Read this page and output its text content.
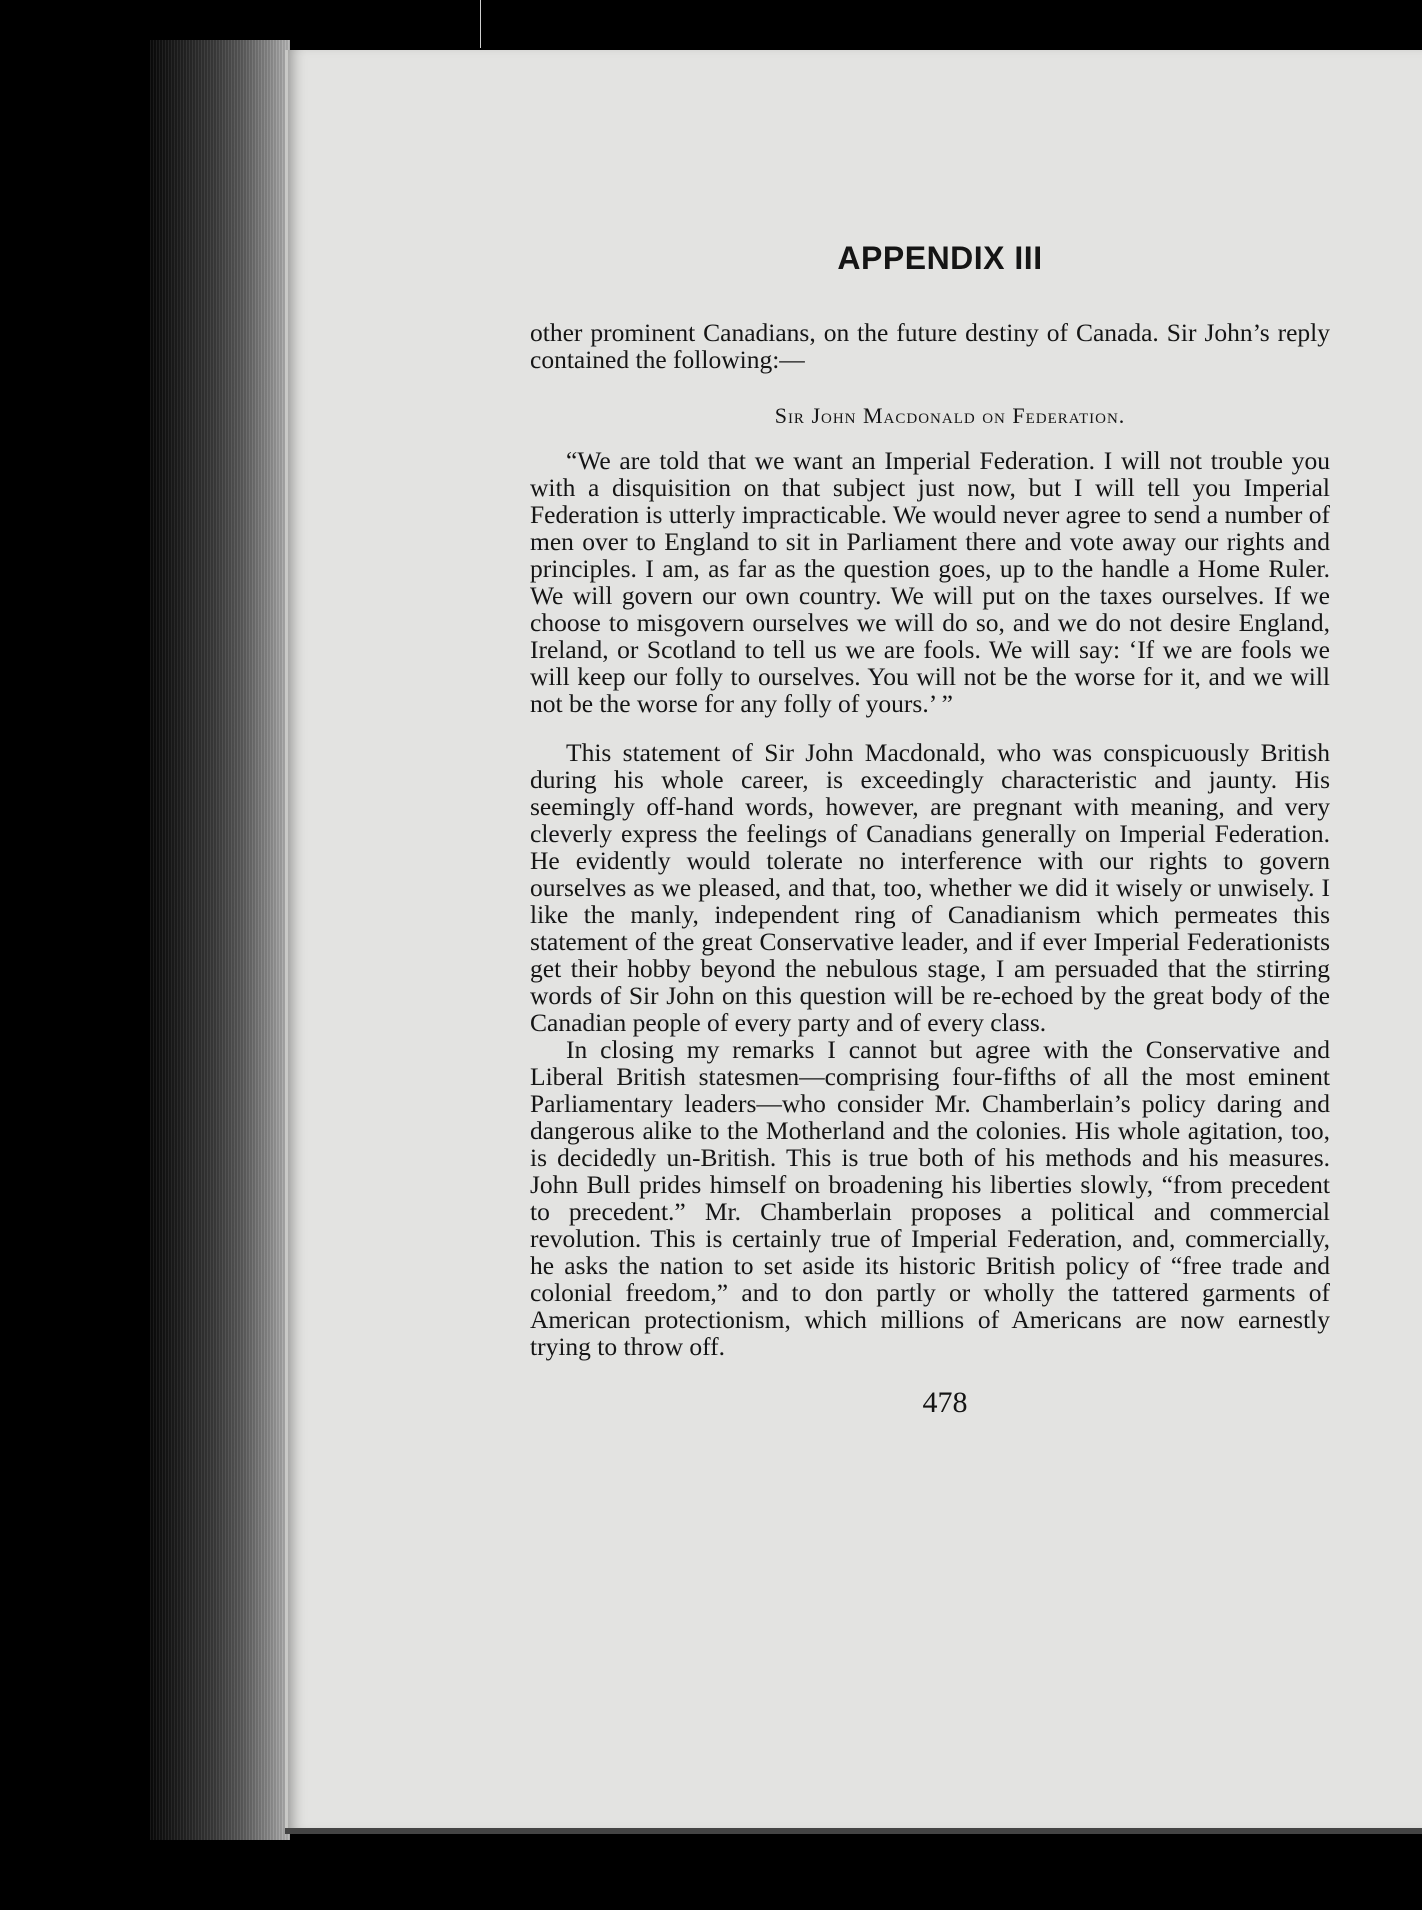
APPENDIX III

other prominent Canadians, on the future destiny of Canada. Sir John’s reply contained the following:—

Sir John Macdonald on Federation.

“We are told that we want an Imperial Federation. I will not trouble you with a disquisition on that subject just now, but I will tell you Imperial Federation is utterly impracticable. We would never agree to send a number of men over to England to sit in Parliament there and vote away our rights and principles. I am, as far as the question goes, up to the handle a Home Ruler. We will govern our own country. We will put on the taxes ourselves. If we choose to misgovern ourselves we will do so, and we do not desire England, Ireland, or Scotland to tell us we are fools. We will say: ‘If we are fools we will keep our folly to ourselves. You will not be the worse for it, and we will not be the worse for any folly of yours.’ ”

This statement of Sir John Macdonald, who was conspicuously British during his whole career, is exceedingly characteristic and jaunty. His seemingly off-hand words, however, are pregnant with meaning, and very cleverly express the feelings of Canadians generally on Imperial Federation. He evidently would tolerate no interference with our rights to govern ourselves as we pleased, and that, too, whether we did it wisely or unwisely. I like the manly, independent ring of Canadianism which permeates this statement of the great Conservative leader, and if ever Imperial Federationists get their hobby beyond the nebulous stage, I am persuaded that the stirring words of Sir John on this question will be re-echoed by the great body of the Canadian people of every party and of every class.

In closing my remarks I cannot but agree with the Conservative and Liberal British statesmen—comprising four-fifths of all the most eminent Parliamentary leaders—who consider Mr. Chamberlain’s policy daring and dangerous alike to the Motherland and the colonies. His whole agitation, too, is decidedly un-British. This is true both of his methods and his measures. John Bull prides himself on broadening his liberties slowly, “from precedent to precedent.” Mr. Chamberlain proposes a political and commercial revolution. This is certainly true of Imperial Federation, and, commercially, he asks the nation to set aside its historic British policy of “free trade and colonial freedom,” and to don partly or wholly the tattered garments of American protectionism, which millions of Americans are now earnestly trying to throw off.

478
